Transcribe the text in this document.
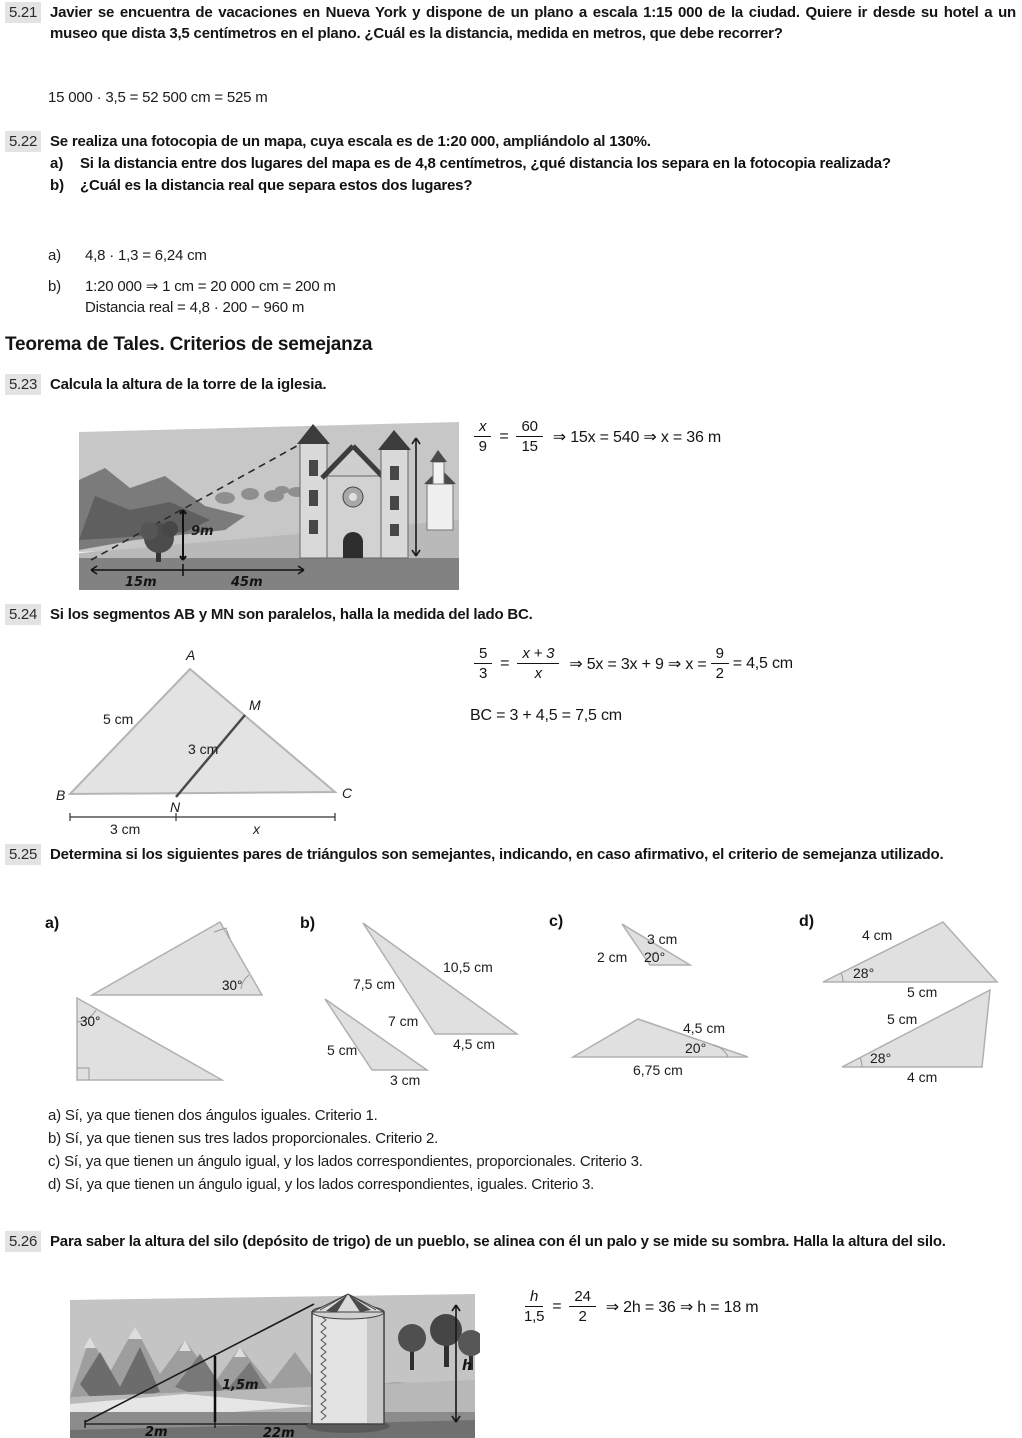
5.21 Javier se encuentra de vacaciones en Nueva York y dispone de un plano a escala 1:15 000 de la ciudad. Quiere ir desde su hotel a un museo que dista 3,5 centímetros en el plano. ¿Cuál es la distancia, medida en metros, que debe recorrer?

15 000 · 3,5 = 52 500 cm = 525 m
5.22 Se realiza una fotocopia de un mapa, cuya escala es de 1:20 000, ampliándolo al 130%.

a)	Si la distancia entre dos lugares del mapa es de 4,8 centímetros, ¿qué distancia los separa en la fotocopia realizada?
b)	¿Cuál es la distancia real que separa estos dos lugares?
a)	4,8 · 1,3 = 6,24 cm
b)	1:20 000 ⇒ 1 cm = 20 000 cm = 200 m
Distancia real = 4,8 · 200 − 960 m
Teorema de Tales. Criterios de semejanza
5.23 Calcula la altura de la torre de la iglesia.

9m
15m	45m
$\frac{x}{9} = \frac{60}{15}$ ⇒ 15x = 540 ⇒ x = 36 m
5.24 Si los segmentos AB y MN son paralelos, halla la medida del lado BC.

A
B	C
M
N
5 cm
3 cm
3 cm	x
$\frac{5}{3} = \frac{x + 3}{x}$ ⇒ 5x = 3x + 9 ⇒ $x = \frac{9}{2} = 4,5$ cm
BC = 3 + 4,5 = 7,5 cm
5.25 Determina si los siguientes pares de triángulos son semejantes, indicando, en caso afirmativo, el criterio de semejanza utilizado.

a)
30°
30°
b)
10,5 cm
7,5 cm
4,5 cm
7 cm
5 cm
3 cm
c)
3 cm
2 cm 20°
4,5 cm
20°
6,75 cm
d)
4 cm
28°
5 cm
5 cm
28°
4 cm
a) Sí, ya que tienen dos ángulos iguales. Criterio 1.
b) Sí, ya que tienen sus tres lados proporcionales. Criterio 2.
c) Sí, ya que tienen un ángulo igual, y los lados correspondientes, proporcionales. Criterio 3.
d) Sí, ya que tienen un ángulo igual, y los lados correspondientes, iguales. Criterio 3.
5.26 Para saber la altura del silo (depósito de trigo) de un pueblo, se alinea con él un palo y se mide su sombra. Halla la altura del silo.

1,5m
2m	22m
h
$\frac{h}{1,5} = \frac{24}{2}$ ⇒ 2h = 36 ⇒ h = 18 m
